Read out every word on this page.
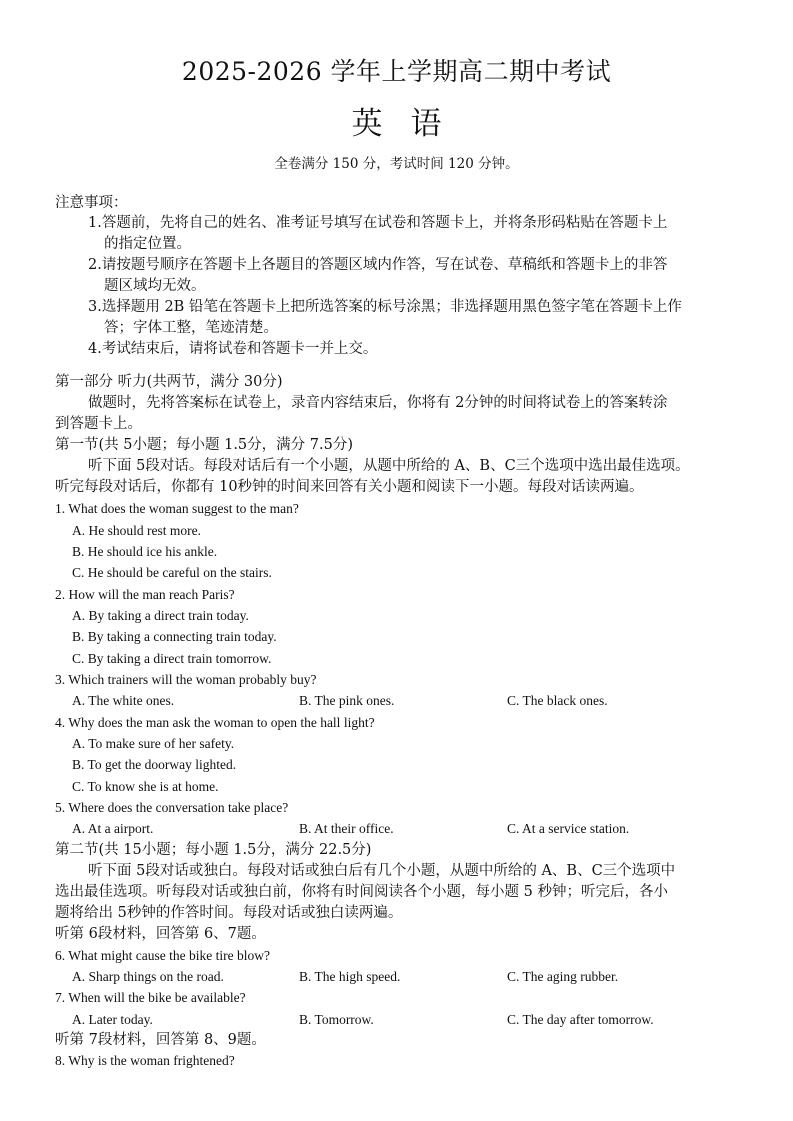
2025-2026 学年上学期高二期中考试
英语
全卷满分 150 分，考试时间 120 分钟。
注意事项：
1.答题前，先将自己的姓名、准考证号填写在试卷和答题卡上，并将条形码粘贴在答题卡上
的指定位置。
2.请按题号顺序在答题卡上各题目的答题区域内作答，写在试卷、草稿纸和答题卡上的非答
题区域均无效。
3.选择题用 2B 铅笔在答题卡上把所选答案的标号涂黑；非选择题用黑色签字笔在答题卡上作
答；字体工整，笔迹清楚。
4.考试结束后，请将试卷和答题卡一并上交。
第一部分 听力(共两节，满分 30分)
做题时，先将答案标在试卷上，录音内容结束后，你将有 2分钟的时间将试卷上的答案转涂
到答题卡上。
第一节(共 5小题；每小题 1.5分，满分 7.5分)
听下面 5段对话。每段对话后有一个小题，从题中所给的 A、B、C三个选项中选出最佳选项。
听完每段对话后，你都有 10秒钟的时间来回答有关小题和阅读下一小题。每段对话读两遍。
1. What does the woman suggest to the man?
A. He should rest more.
B. He should ice his ankle.
C. He should be careful on the stairs.
2. How will the man reach Paris?
A. By taking a direct train today.
B. By taking a connecting train today.
C. By taking a direct train tomorrow.
3. Which trainers will the woman probably buy?
A. The white ones.	B. The pink ones.	C. The black ones.
4. Why does the man ask the woman to open the hall light?
A. To make sure of her safety.
B. To get the doorway lighted.
C. To know she is at home.
5. Where does the conversation take place?
A. At a airport.	B. At their office.	C. At a service station.
第二节(共 15小题；每小题 1.5分，满分 22.5分)
听下面 5段对话或独白。每段对话或独白后有几个小题，从题中所给的 A、B、C三个选项中
选出最佳选项。听每段对话或独白前，你将有时间阅读各个小题，每小题 5 秒钟；听完后，各小
题将给出 5秒钟的作答时间。每段对话或独白读两遍。
听第 6段材料，回答第 6、7题。
6. What might cause the bike tire blow?
A. Sharp things on the road.	B. The high speed.	C. The aging rubber.
7. When will the bike be available?
A. Later today.	B. Tomorrow.	C. The day after tomorrow.
听第 7段材料，回答第 8、9题。
8. Why is the woman frightened?
